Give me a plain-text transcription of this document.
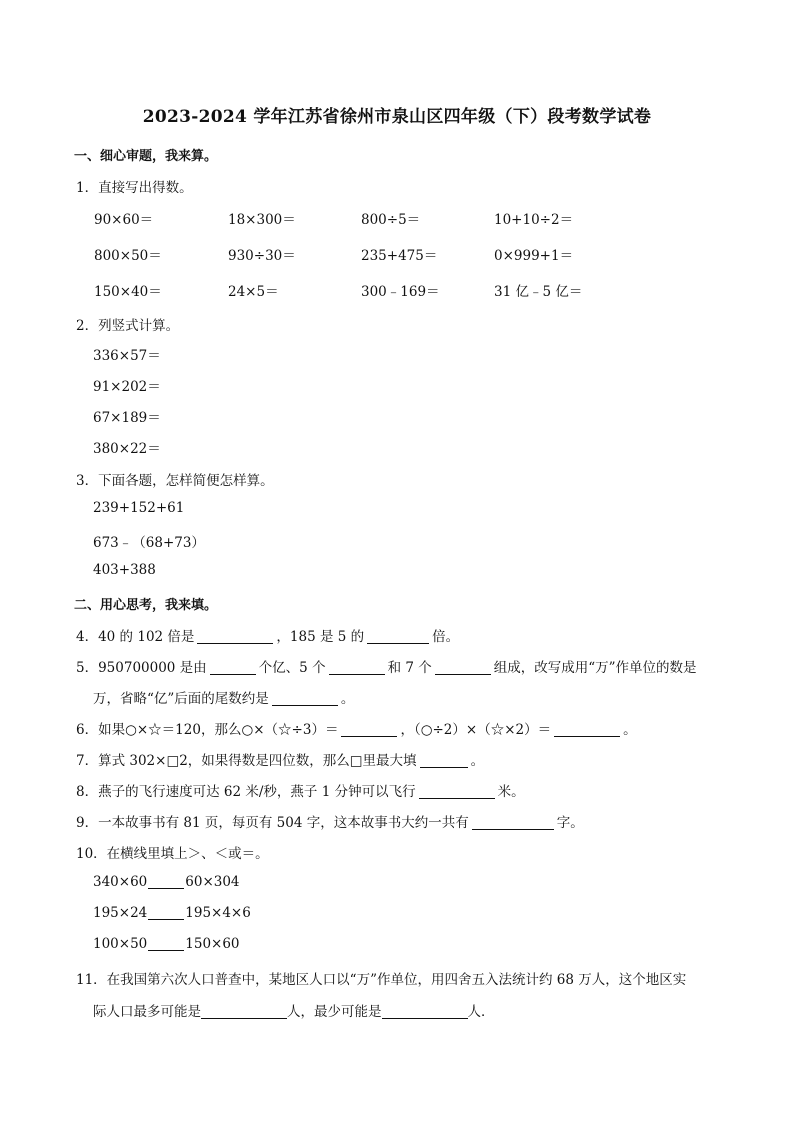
2023-2024 学年江苏省徐州市泉山区四年级（下）段考数学试卷
一、细心审题，我来算。
1．直接写出得数。
90×60＝	18×300＝	800÷5＝	10+10÷2＝
800×50＝	930÷30＝	235+475＝	0×999+1＝
150×40＝	24×5＝	300﹣169＝	31 亿﹣5 亿＝
2．列竖式计算。
336×57＝
91×202＝
67×189＝
380×22＝
3．下面各题，怎样简便怎样算。
239+152+61
673﹣（68+73）
403+388
二、用心思考，我来填。
4．40 的 102 倍是	，185 是 5 的	倍。
5．950700000 是由	个亿、5 个	和 7 个	组成，改写成用“万”作单位的数是
万，省略“亿”后面的尾数约是	。
6．如果○×☆＝120，那么○×（☆÷3）＝	，（○÷2）×（☆×2）＝	。
7．算式 302×□2，如果得数是四位数，那么□里最大填	。
8．燕子的飞行速度可达 62 米/秒，燕子 1 分钟可以飞行	米。
9．一本故事书有 81 页，每页有 504 字，这本故事书大约一共有	字。
10．在横线里填上＞、＜或＝。
340×60	60×304
195×24	195×4×6
100×50	150×60
11．在我国第六次人口普查中，某地区人口以“万”作单位，用四舍五入法统计约 68 万人，这个地区实
际人口最多可能是	人，最少可能是	人．
